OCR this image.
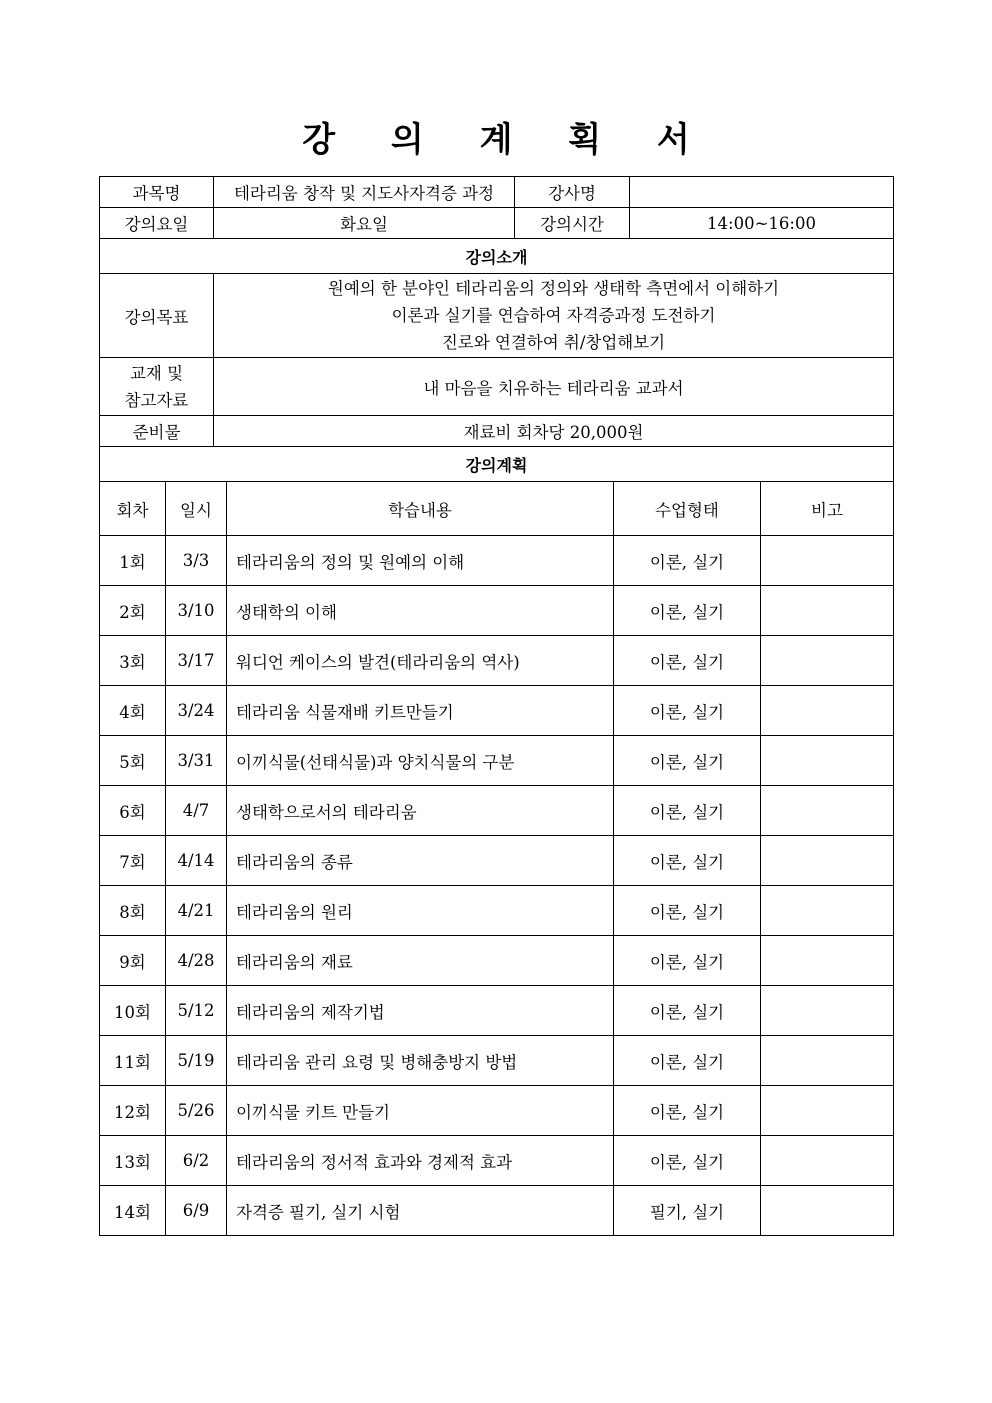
강 의 계 획 서
과목명	테라리움 창작 및 지도사자격증 과정	강사명	
강의요일	화요일	강의시간	14:00~16:00
강의소개			
강의목표	원예의 한 분야인 테라리움의 정의와 생태학 측면에서 이해하기
이론과 실기를 연습하여 자격증과정 도전하기
진로와 연결하여 취/창업해보기		

교재 및
참고자료	내 마음을 치유하는 테라리움 교과서		
준비물	재료비 회차당 20,000원		
강의계획			
회차	일시	학습내용	수업형태	비고
1회	3/3	테라리움의 정의 및 원예의 이해	이론, 실기	
2회	3/10	생태학의 이해	이론, 실기	
3회	3/17	워디언 케이스의 발견(테라리움의 역사)	이론, 실기	
4회	3/24	테라리움 식물재배 키트만들기	이론, 실기	
5회	3/31	이끼식물(선태식물)과 양치식물의 구분	이론, 실기	
6회	4/7	생태학으로서의 테라리움	이론, 실기	
7회	4/14	테라리움의 종류	이론, 실기	
8회	4/21	테라리움의 원리	이론, 실기	
9회	4/28	테라리움의 재료	이론, 실기	
10회	5/12	테라리움의 제작기법	이론, 실기	
11회	5/19	테라리움 관리 요령 및 병해충방지 방법	이론, 실기	
12회	5/26	이끼식물 키트 만들기	이론, 실기	
13회	6/2	테라리움의 정서적 효과와 경제적 효과	이론, 실기	
14회	6/9	자격증 필기, 실기 시험	필기, 실기	
